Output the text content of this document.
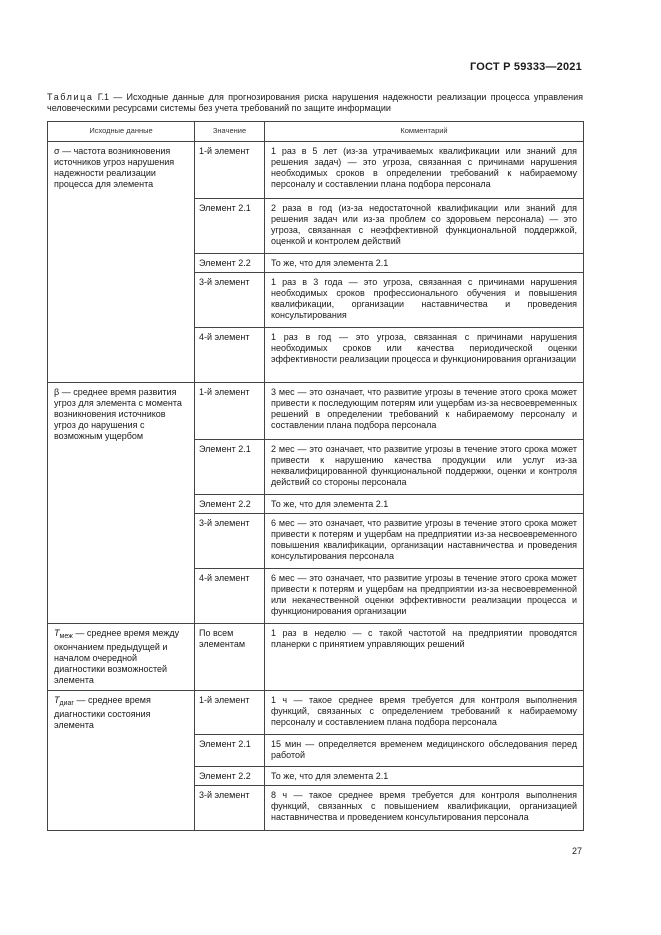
ГОСТ Р 59333—2021
Таблица Г.1 — Исходные данные для прогнозирования риска нарушения надежности реализации процесса управления человеческими ресурсами системы без учета требований по защите информации
Исходные данные	Значение	Комментарий
σ — частота возникновения источников угроз нарушения надежности реализации процесса для элемента	1-й элемент	1 раз в 5 лет (из-за утрачиваемых квалификации или знаний для решения задач) — это угроза, связанная с причинами нарушения необходимых сроков в определении требований к набираемому персоналу и составлении плана подбора персонала
	Элемент 2.1	2 раза в год (из-за недостаточной квалификации или знаний для решения задач или из-за проблем со здоровьем персонала) — это угроза, связанная с неэффективной функциональной поддержкой, оценкой и контролем действий
	Элемент 2.2	То же, что для элемента 2.1
	3-й элемент	1 раз в 3 года — это угроза, связанная с причинами нарушения необходимых сроков профессионального обучения и повышения квалификации, организации наставничества и проведения консультирования
	4-й элемент	1 раз в год — это угроза, связанная с причинами нарушения необходимых сроков или качества периодической оценки эффективности реализации процесса и функционирования организации
β — среднее время развития угроз для элемента с момента возникновения источников угроз до нарушения с возможным ущербом	1-й элемент	3 мес — это означает, что развитие угрозы в течение этого срока может привести к последующим потерям или ущербам из-за несвоевременных решений в определении требований к набираемому персоналу и составлении плана подбора персонала
	Элемент 2.1	2 мес — это означает, что развитие угрозы в течение этого срока может привести к нарушению качества продукции или услуг из-за неквалифицированной функциональной поддержки, оценки и контроля действий со стороны персонала
	Элемент 2.2	То же, что для элемента 2.1
	3-й элемент	6 мес — это означает, что развитие угрозы в течение этого срока может привести к потерям и ущербам на предприятии из-за несвоевременного повышения квалификации, организации наставничества и проведения консультирования персонала
	4-й элемент	6 мес — это означает, что развитие угрозы в течение этого срока может привести к потерям и ущербам на предприятии из-за несвоевременной или некачественной оценки эффективности реализации процесса и функционирования организации
$T_{меж}$ — среднее время между окончанием предыдущей и началом очередной диагностики возможностей элемента	По всем элементам	1 раз в неделю — с такой частотой на предприятии проводятся планерки с принятием управляющих решений
$T_{диаг}$ — среднее время диагностики состояния элемента	1-й элемент	1 ч — такое среднее время требуется для контроля выполнения функций, связанных с определением требований к набираемому персоналу и составлением плана подбора персонала
	Элемент 2.1	15 мин — определяется временем медицинского обследования перед работой
	Элемент 2.2	То же, что для элемента 2.1
	3-й элемент	8 ч — такое среднее время требуется для контроля выполнения функций, связанных с повышением квалификации, организацией наставничества и проведением консультирования персонала
27
